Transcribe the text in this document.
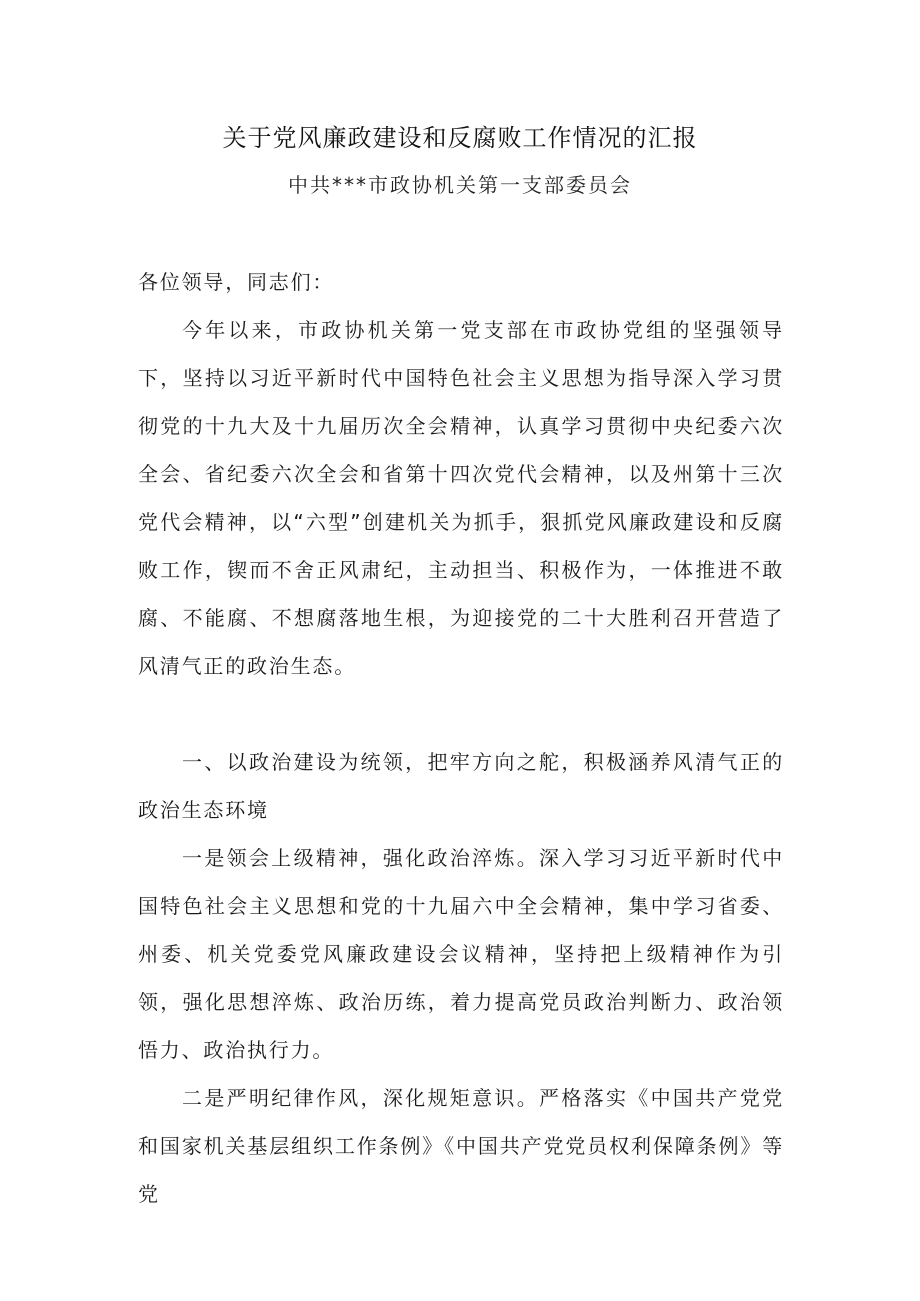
关于党风廉政建设和反腐败工作情况的汇报
中共***市政协机关第一支部委员会

各位领导，同志们：

今年以来，市政协机关第一党支部在市政协党组的坚强领导下，坚持以习近平新时代中国特色社会主义思想为指导深入学习贯彻党的十九大及十九届历次全会精神，认真学习贯彻中央纪委六次全会、省纪委六次全会和省第十四次党代会精神，以及州第十三次党代会精神，以“六型”创建机关为抓手，狠抓党风廉政建设和反腐败工作，锲而不舍正风肃纪，主动担当、积极作为，一体推进不敢腐、不能腐、不想腐落地生根，为迎接党的二十大胜利召开营造了风清气正的政治生态。

一、以政治建设为统领，把牢方向之舵，积极涵养风清气正的政治生态环境

一是领会上级精神，强化政治淬炼。深入学习习近平新时代中国特色社会主义思想和党的十九届六中全会精神，集中学习省委、州委、机关党委党风廉政建设会议精神，坚持把上级精神作为引领，强化思想淬炼、政治历练，着力提高党员政治判断力、政治领悟力、政治执行力。

二是严明纪律作风，深化规矩意识。严格落实《中国共产党党和国家机关基层组织工作条例》《中国共产党党员权利保障条例》等党
